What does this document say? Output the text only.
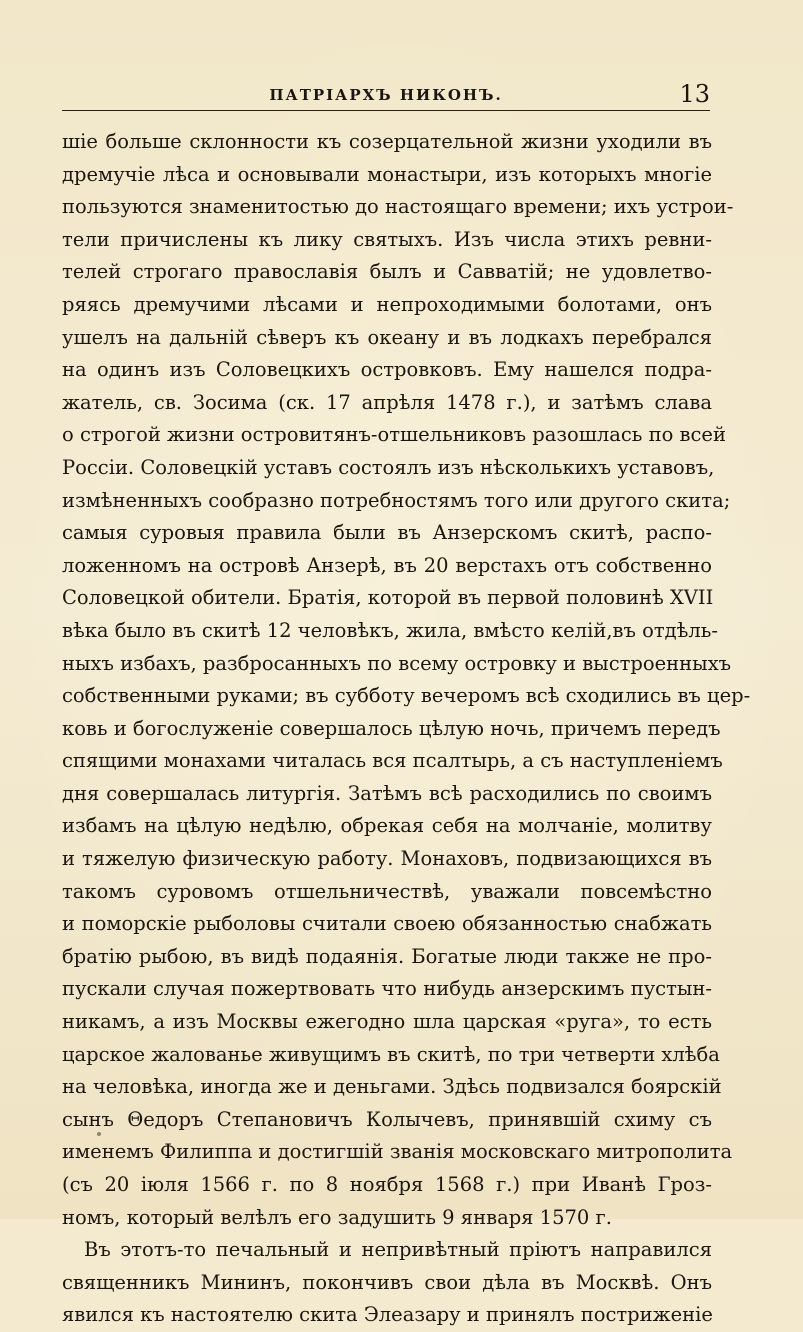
ПАТРІАРХЪ НИКОНЪ.	13
шіе больше склонности къ созерцательной жизни уходили въ
дремучіе лѣса и основывали монастыри, изъ которыхъ многіе
пользуются знаменитостью до настоящаго времени; ихъ устрои-
тели причислены къ лику святыхъ. Изъ числа этихъ ревни-
телей строгаго православія былъ и Савватій; не удовлетво-
ряясь дремучими лѣсами и непроходимыми болотами, онъ
ушелъ на дальній сѣверъ къ океану и въ лодкахъ перебрался
на одинъ изъ Соловецкихъ островковъ. Ему нашелся подра-
жатель, св. Зосима (ск. 17 апрѣля 1478 г.), и затѣмъ слава
о строгой жизни островитянъ-отшельниковъ разошлась по всей
Россіи. Соловецкій уставъ состоялъ изъ нѣсколькихъ уставовъ,
измѣненныхъ сообразно потребностямъ того или другого скита;
самыя суровыя правила были въ Анзерскомъ скитѣ, распо-
ложенномъ на островѣ Анзерѣ, въ 20 верстахъ отъ собственно
Соловецкой обители. Братія, которой въ первой половинѣ XVII
вѣка было въ скитѣ 12 человѣкъ, жила, вмѣсто келій,въ отдѣль-
ныхъ избахъ, разбросанныхъ по всему островку и выстроенныхъ
собственными руками; въ субботу вечеромъ всѣ сходились въ цер-
ковь и богослуженіе совершалось цѣлую ночь, причемъ передъ
спящими монахами читалась вся псалтырь, а съ наступленіемъ
дня совершалась литургія. Затѣмъ всѣ расходились по своимъ
избамъ на цѣлую недѣлю, обрекая себя на молчаніе, молитву
и тяжелую физическую работу. Монаховъ, подвизающихся въ
такомъ суровомъ отшельничествѣ, уважали повсемѣстно
и поморскіе рыболовы считали своею обязанностью снабжать
братію рыбою, въ видѣ подаянія. Богатые люди также не про-
пускали случая пожертвовать что нибудь анзерскимъ пустын-
никамъ, а изъ Москвы ежегодно шла царская «руга», то есть
царское жалованье живущимъ въ скитѣ, по три четверти хлѣба
на человѣка, иногда же и деньгами. Здѣсь подвизался боярскій
сынъ Θедоръ Степановичъ Колычевъ, принявшій схиму съ
именемъ Филиппа и достигшій званія московскаго митрополита
(съ 20 іюля 1566 г. по 8 ноября 1568 г.) при Иванѣ Гроз-
номъ, который велѣлъ его задушить 9 января 1570 г.
Въ этотъ-то печальный и непривѣтный пріютъ направился
священникъ Мининъ, покончивъ свои дѣла въ Москвѣ. Онъ
явился къ настоятелю скита Элеазару и принялъ постриженіе
